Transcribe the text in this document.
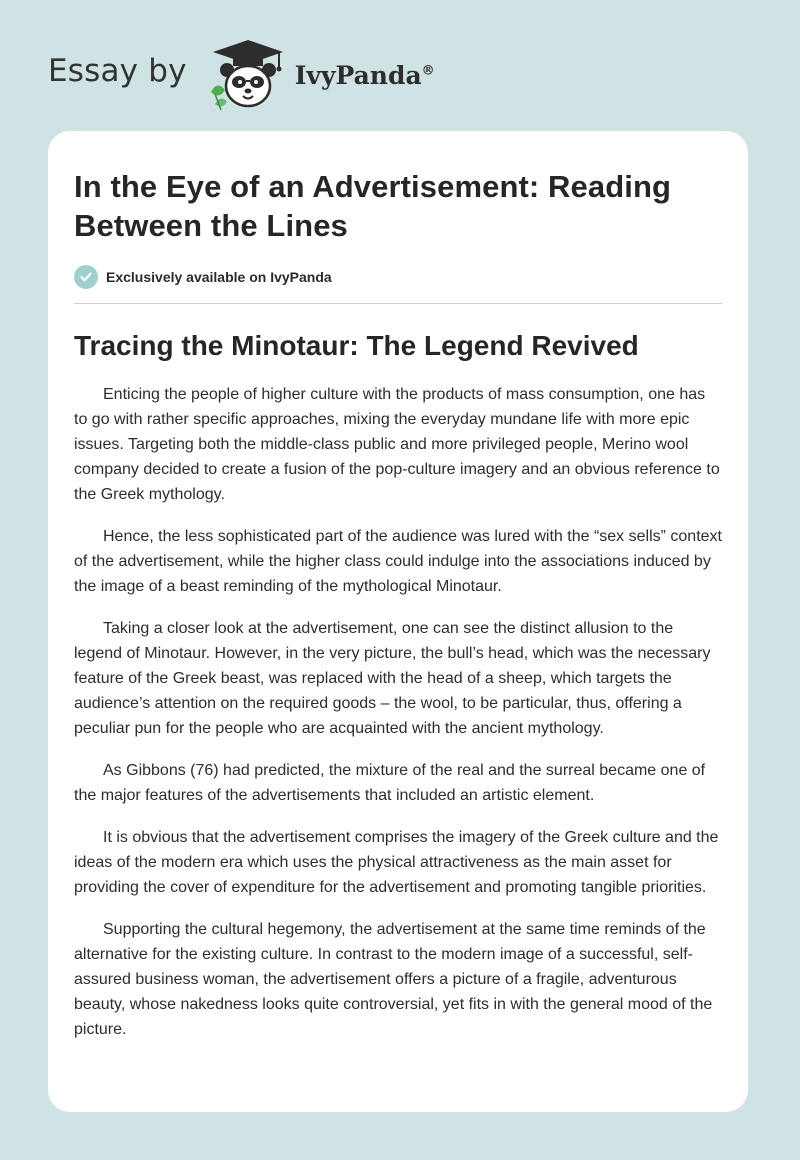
Essay by	IvyPanda®
In the Eye of an Advertisement: Reading Between the Lines
Exclusively available on IvyPanda
Tracing the Minotaur: The Legend Revived

Enticing the people of higher culture with the products of mass consumption, one has to go with rather specific approaches, mixing the everyday mundane life with more epic issues. Targeting both the middle-class public and more privileged people, Merino wool company decided to create a fusion of the pop-culture imagery and an obvious reference to the Greek mythology.

Hence, the less sophisticated part of the audience was lured with the “sex sells” context of the advertisement, while the higher class could indulge into the associations induced by the image of a beast reminding of the mythological Minotaur.

Taking a closer look at the advertisement, one can see the distinct allusion to the legend of Minotaur. However, in the very picture, the bull’s head, which was the necessary feature of the Greek beast, was replaced with the head of a sheep, which targets the audience’s attention on the required goods – the wool, to be particular, thus, offering a peculiar pun for the people who are acquainted with the ancient mythology.

As Gibbons (76) had predicted, the mixture of the real and the surreal became one of the major features of the advertisements that included an artistic element.

It is obvious that the advertisement comprises the imagery of the Greek culture and the ideas of the modern era which uses the physical attractiveness as the main asset for providing the cover of expenditure for the advertisement and promoting tangible priorities.

Supporting the cultural hegemony, the advertisement at the same time reminds of the alternative for the existing culture. In contrast to the modern image of a successful, self-assured business woman, the advertisement offers a picture of a fragile, adventurous beauty, whose nakedness looks quite controversial, yet fits in with the general mood of the picture.
